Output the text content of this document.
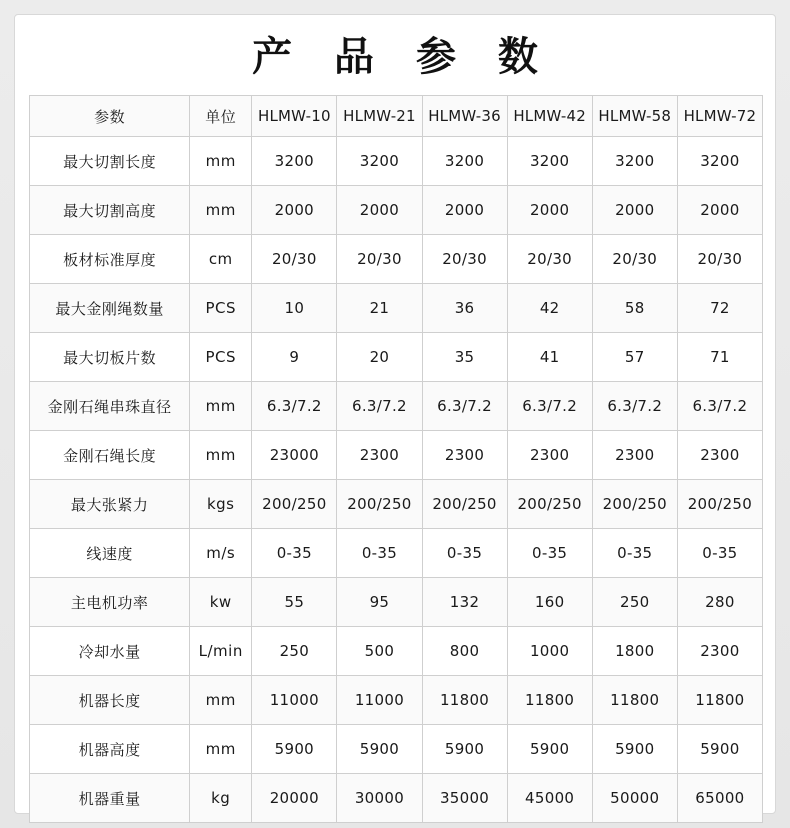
产 品 参 数
参数	单位	HLMW-10	HLMW-21	HLMW-36	HLMW-42	HLMW-58	HLMW-72
最大切割长度	mm	3200	3200	3200	3200	3200	3200
最大切割高度	mm	2000	2000	2000	2000	2000	2000
板材标准厚度	cm	20/30	20/30	20/30	20/30	20/30	20/30
最大金刚绳数量	PCS	10	21	36	42	58	72
最大切板片数	PCS	9	20	35	41	57	71
金刚石绳串珠直径	mm	6.3/7.2	6.3/7.2	6.3/7.2	6.3/7.2	6.3/7.2	6.3/7.2
金刚石绳长度	mm	23000	2300	2300	2300	2300	2300
最大张紧力	kgs	200/250	200/250	200/250	200/250	200/250	200/250
线速度	m/s	0-35	0-35	0-35	0-35	0-35	0-35
主电机功率	kw	55	95	132	160	250	280
冷却水量	L/min	250	500	800	1000	1800	2300
机器长度	mm	11000	11000	11800	11800	11800	11800
机器高度	mm	5900	5900	5900	5900	5900	5900
机器重量	kg	20000	30000	35000	45000	50000	65000
